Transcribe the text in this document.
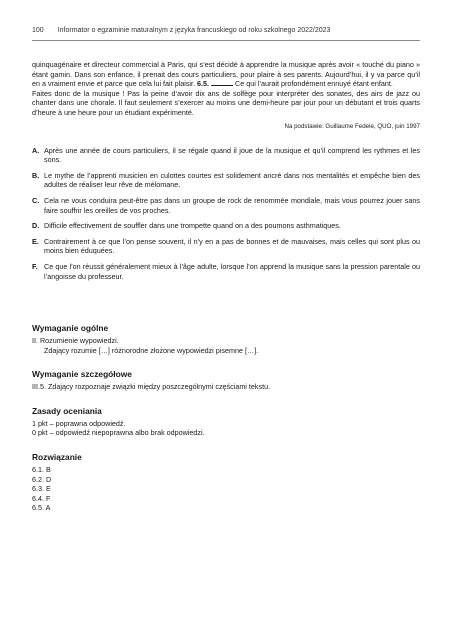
100 Informator o egzaminie maturalnym z języka francuskiego od roku szkolnego 2022/2023

quinquagénaire et directeur commercial à Paris, qui s’est décidé à apprendre la musique après avoir « touché du piano » étant gamin. Dans son enfance, il prenait des cours particuliers, pour plaire à ses parents. Aujourd’hui, il y va parce qu’il en a vraiment envie et parce que cela lui fait plaisir. 6.5.	Ce qui l’aurait profondément ennuyé étant enfant.

Faites donc de la musique ! Pas la peine d’avoir dix ans de solfège pour interpréter des sonates, des airs de jazz ou chanter dans une chorale. Il faut seulement s’exercer au moins une demi-heure par jour pour un débutant et trois quarts d’heure à une heure pour un étudiant expérimenté.

Na podstawie: Guillaume Fedele, QUO, juin 1997

A. Après une année de cours particuliers, il se régale quand il joue de la musique et qu’il comprend les rythmes et les sons.
B. Le mythe de l’apprenti musicien en culottes courtes est solidement ancré dans nos mentalités et empêche bien des adultes de réaliser leur rêve de mélomane.
C. Cela ne vous conduira peut-être pas dans un groupe de rock de renommée mondiale, mais vous pourrez jouer sans faire souffrir les oreilles de vos proches.
D. Difficile effectivement de souffler dans une trompette quand on a des poumons asthmatiques.
E. Contrairement à ce que l’on pense souvent, il n’y en a pas de bonnes et de mauvaises, mais celles qui sont plus ou moins bien éduquées.
F. Ce que l’on réussit généralement mieux à l’âge adulte, lorsque l’on apprend la musique sans la pression parentale ou l’angoisse du professeur.

Wymaganie ogólne

II. Rozumienie wypowiedzi.

Zdający rozumie […] różnorodne złożone wypowiedzi pisemne […].

Wymaganie szczegółowe

III.5. Zdający rozpoznaje związki między poszczególnymi częściami tekstu.

Zasady oceniania

1 pkt – poprawna odpowiedź.

0 pkt – odpowiedź niepoprawna albo brak odpowiedzi.

Rozwiązanie

6.1. B

6.2. D

6.3. E

6.4. F

6.5. A
